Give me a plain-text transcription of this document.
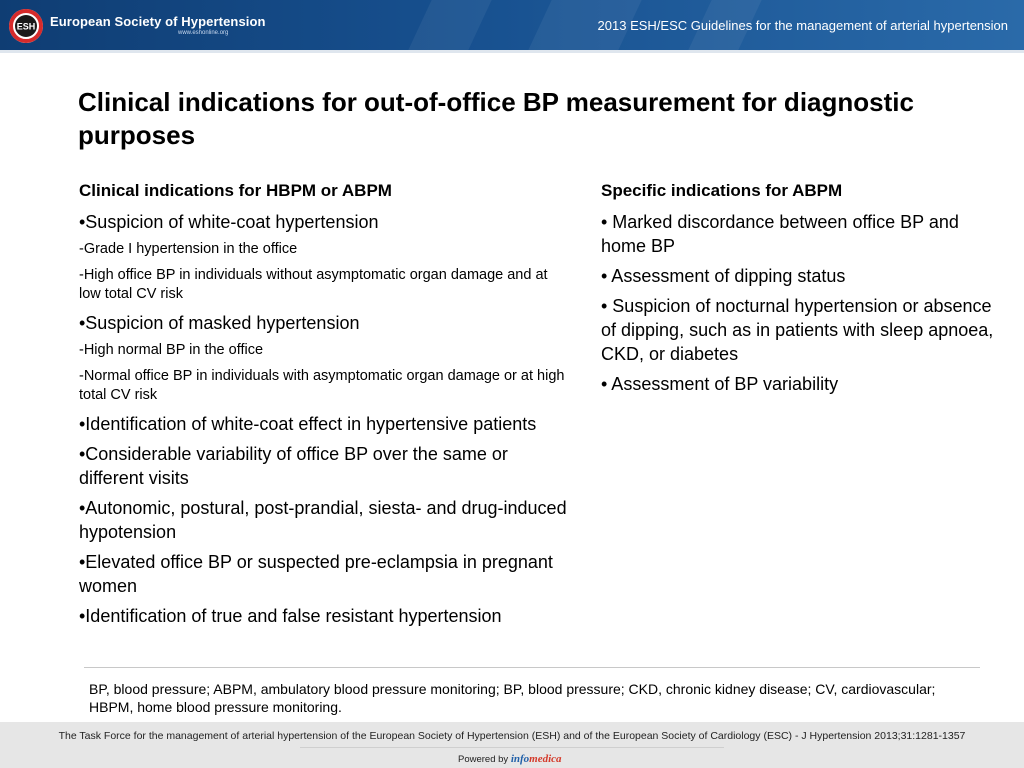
ESH European Society of Hypertension
www.eshonline.org	2013 ESH/ESC Guidelines for the management of arterial hypertension
Clinical indications for out-of-office BP measurement for diagnostic purposes
Clinical indications for HBPM or ABPM
•Suspicion of white-coat hypertension
-Grade I hypertension in the office
-High office BP in individuals without asymptomatic organ damage and at low total CV risk
•Suspicion of masked hypertension
-High normal BP in the office
-Normal office BP in individuals with asymptomatic organ damage or at high total CV risk
•Identification of white-coat effect in hypertensive patients
•Considerable variability of office BP over the same or different visits
•Autonomic, postural, post-prandial, siesta- and drug-induced hypotension
•Elevated office BP or suspected pre-eclampsia in pregnant women
•Identification of true and false resistant hypertension
Specific indications for ABPM
• Marked discordance between office BP and home BP
• Assessment of dipping status
• Suspicion of nocturnal hypertension or absence of dipping, such as in patients with sleep apnoea, CKD, or diabetes
• Assessment of BP variability
BP, blood pressure; ABPM, ambulatory blood pressure monitoring; BP, blood pressure; CKD, chronic kidney disease; CV, cardiovascular; HBPM, home blood pressure monitoring.
The Task Force for the management of arterial hypertension of the European Society of Hypertension (ESH) and of the European Society of Cardiology (ESC) - J Hypertension 2013;31:1281-1357
Powered by infomedica
